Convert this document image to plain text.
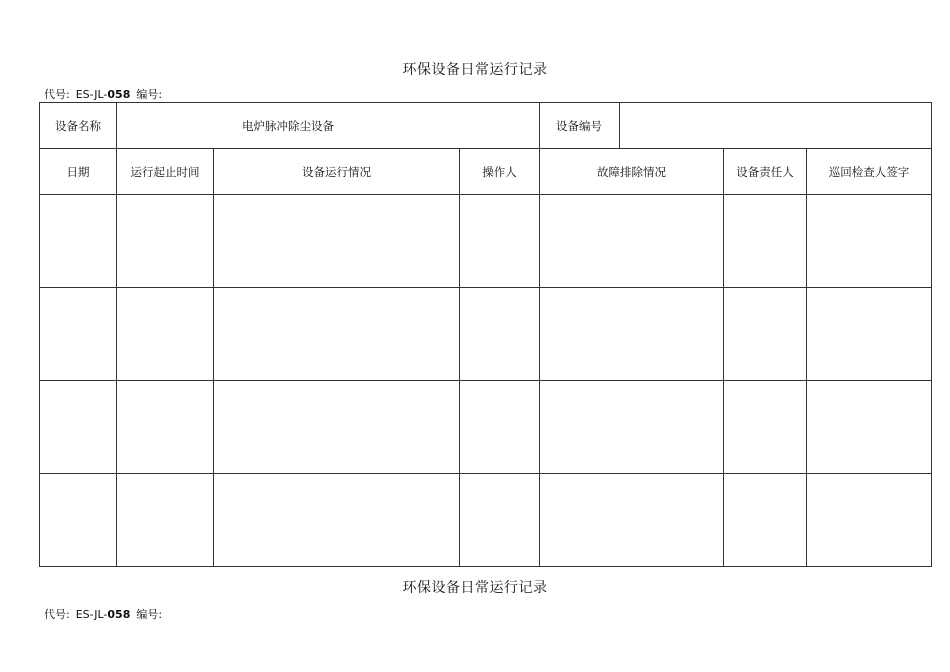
环保设备日常运行记录
代号: ES-JL-058 编号:
设备名称	电炉脉冲除尘设备			设备编号		

日期	运行起止时间	设备运行情况	操作人	故障排除情况	设备责任人	巡回检查人签字

环保设备日常运行记录
代号: ES-JL-058 编号:
